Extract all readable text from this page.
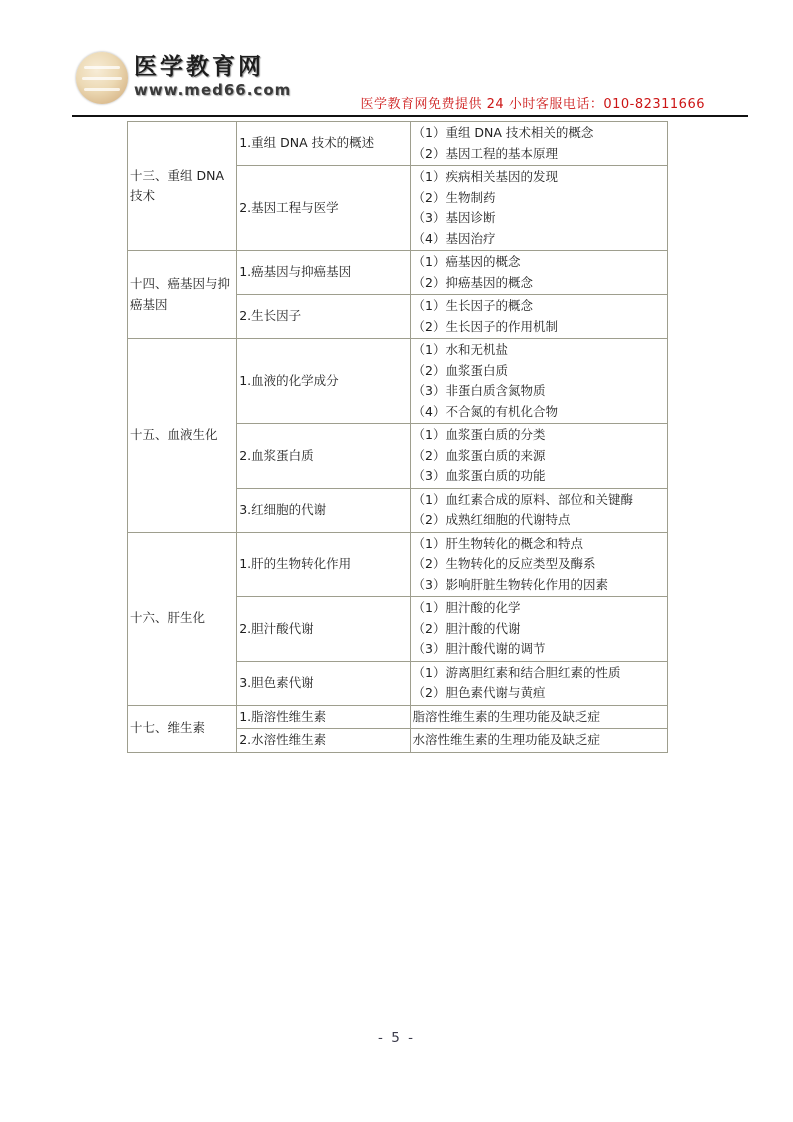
医学教育网
www.med66.com
医学教育网免费提供 24 小时客服电话：010-82311666
十三、重组 DNA 技术	1.重组 DNA 技术的概述	（1）重组 DNA 技术相关的概念
（2）基因工程的基本原理

	2.基因工程与医学	（1）疾病相关基因的发现
（2）生物制药
（3）基因诊断
（4）基因治疗

十四、癌基因与抑癌基因	1.癌基因与抑癌基因	（1）癌基因的概念
（2）抑癌基因的概念

	2.生长因子	（1）生长因子的概念
（2）生长因子的作用机制

十五、血液生化	1.血液的化学成分	（1）水和无机盐
（2）血浆蛋白质
（3）非蛋白质含氮物质
（4）不合氮的有机化合物

	2.血浆蛋白质	（1）血浆蛋白质的分类
（2）血浆蛋白质的来源
（3）血浆蛋白质的功能

	3.红细胞的代谢	（1）血红素合成的原料、部位和关键酶
（2）成熟红细胞的代谢特点

十六、肝生化	1.肝的生物转化作用	（1）肝生物转化的概念和特点
（2）生物转化的反应类型及酶系
（3）影响肝脏生物转化作用的因素

	2.胆汁酸代谢	（1）胆汁酸的化学
（2）胆汁酸的代谢
（3）胆汁酸代谢的调节

	3.胆色素代谢	（1）游离胆红素和结合胆红素的性质
（2）胆色素代谢与黄疸

十七、维生素	1.脂溶性维生素	脂溶性维生素的生理功能及缺乏症

	2.水溶性维生素	水溶性维生素的生理功能及缺乏症
- 5 -
